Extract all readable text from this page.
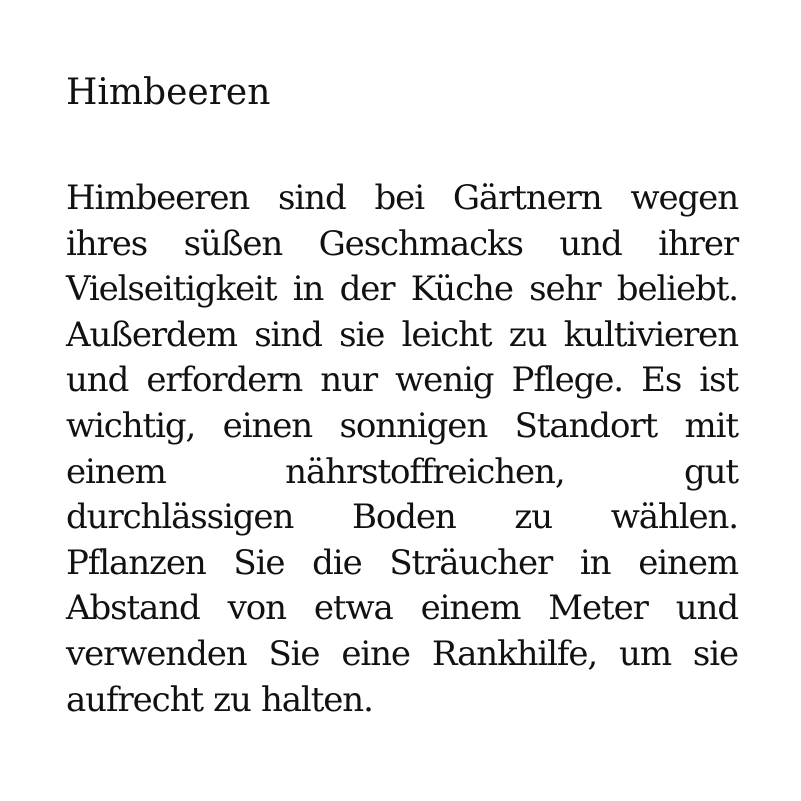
Himbeeren

Himbeeren sind bei Gärtnern wegen ihres süßen Geschmacks und ihrer Vielseitigkeit in der Küche sehr beliebt. Außerdem sind sie leicht zu kultivieren und erfordern nur wenig Pflege. Es ist wichtig, einen sonnigen Standort mit einem nährstoffreichen, gut durchlässigen Boden zu wählen. Pflanzen Sie die Sträucher in einem Abstand von etwa einem Meter und verwenden Sie eine Rankhilfe, um sie aufrecht zu halten.
